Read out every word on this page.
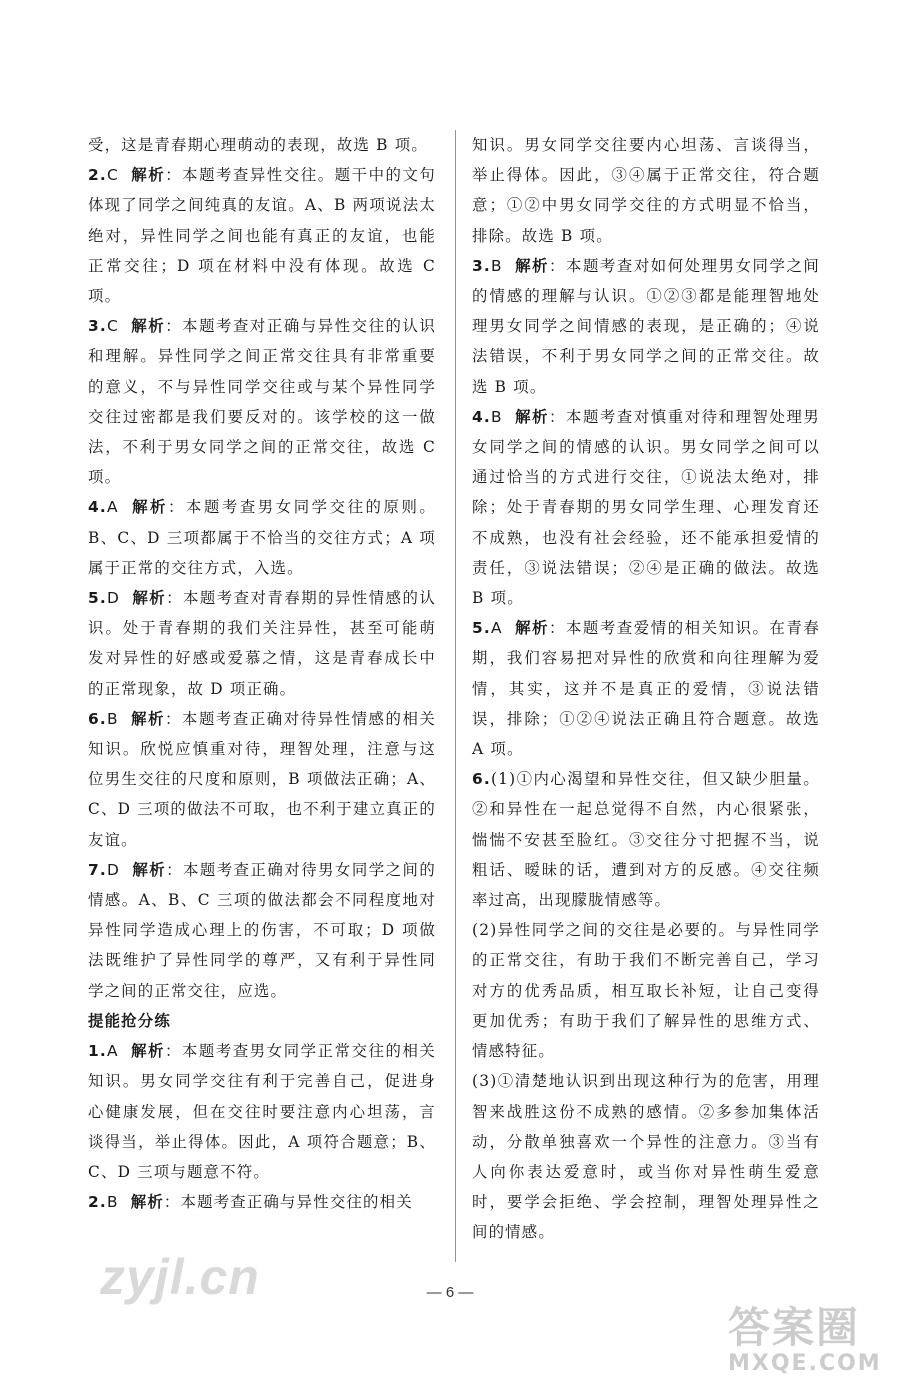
受，这是青春期心理萌动的表现，故选 B 项。

2.C 解析：本题考查异性交往。题干中的文句体现了同学之间纯真的友谊。A、B 两项说法太绝对，异性同学之间也能有真正的友谊，也能正常交往；D 项在材料中没有体现。故选 C 项。

3.C 解析：本题考查对正确与异性交往的认识和理解。异性同学之间正常交往具有非常重要的意义，不与异性同学交往或与某个异性同学交往过密都是我们要反对的。该学校的这一做法，不利于男女同学之间的正常交往，故选 C 项。

4.A 解析：本题考查男女同学交往的原则。B、C、D 三项都属于不恰当的交往方式；A 项属于正常的交往方式，入选。

5.D 解析：本题考查对青春期的异性情感的认识。处于青春期的我们关注异性，甚至可能萌发对异性的好感或爱慕之情，这是青春成长中的正常现象，故 D 项正确。

6.B 解析：本题考查正确对待异性情感的相关知识。欣悦应慎重对待，理智处理，注意与这位男生交往的尺度和原则，B 项做法正确；A、C、D 三项的做法不可取，也不利于建立真正的友谊。

7.D 解析：本题考查正确对待男女同学之间的情感。A、B、C 三项的做法都会不同程度地对异性同学造成心理上的伤害，不可取；D 项做法既维护了异性同学的尊严，又有利于异性同学之间的正常交往，应选。

提能抢分练

1.A 解析：本题考查男女同学正常交往的相关知识。男女同学交往有利于完善自己，促进身心健康发展，但在交往时要注意内心坦荡，言谈得当，举止得体。因此，A 项符合题意；B、C、D 三项与题意不符。

2.B 解析：本题考查正确与异性交往的相关

知识。男女同学交往要内心坦荡、言谈得当，举止得体。因此，③④属于正常交往，符合题意；①②中男女同学交往的方式明显不恰当，排除。故选 B 项。

3.B 解析：本题考查对如何处理男女同学之间的情感的理解与认识。①②③都是能理智地处理男女同学之间情感的表现，是正确的；④说法错误，不利于男女同学之间的正常交往。故选 B 项。

4.B 解析：本题考查对慎重对待和理智处理男女同学之间的情感的认识。男女同学之间可以通过恰当的方式进行交往，①说法太绝对，排除；处于青春期的男女同学生理、心理发育还不成熟，也没有社会经验，还不能承担爱情的责任，③说法错误；②④是正确的做法。故选 B 项。

5.A 解析：本题考查爱情的相关知识。在青春期，我们容易把对异性的欣赏和向往理解为爱情，其实，这并不是真正的爱情，③说法错误，排除；①②④说法正确且符合题意。故选 A 项。

6.(1)①内心渴望和异性交往，但又缺少胆量。②和异性在一起总觉得不自然，内心很紧张，惴惴不安甚至脸红。③交往分寸把握不当，说粗话、暧昧的话，遭到对方的反感。④交往频率过高，出现朦胧情感等。

(2)异性同学之间的交往是必要的。与异性同学的正常交往，有助于我们不断完善自己，学习对方的优秀品质，相互取长补短，让自己变得更加优秀；有助于我们了解异性的思维方式、情感特征。

(3)①清楚地认识到出现这种行为的危害，用理智来战胜这份不成熟的感情。②多参加集体活动，分散单独喜欢一个异性的注意力。③当有人向你表达爱意时，或当你对异性萌生爱意时，要学会拒绝、学会控制，理智处理异性之间的情感。

— 6 —
zyjl.cn
答案圈
MXQE.COM
